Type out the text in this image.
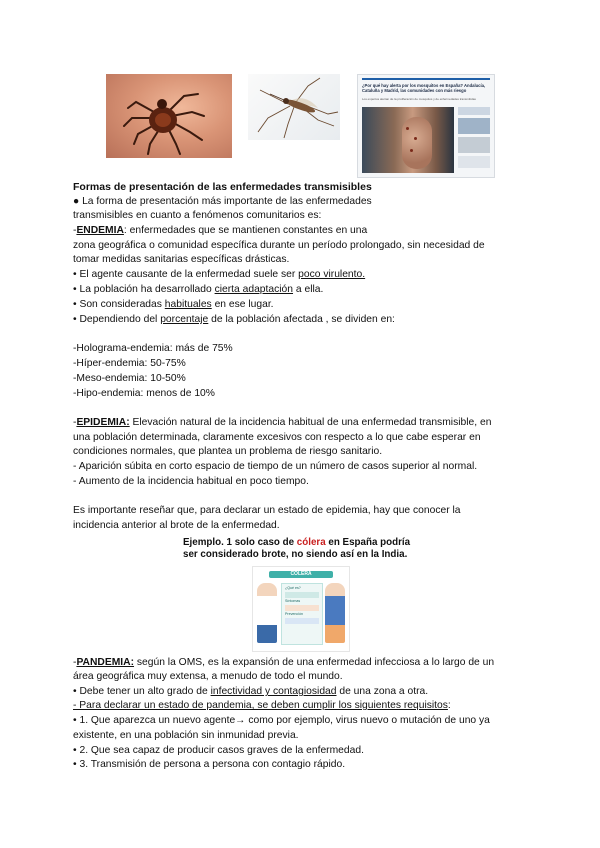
¿Por qué hay alerta por los mosquitos en España? Andalucía, Cataluña y Madrid, las comunidades con más riesgo
Los expertos alertan de la proliferación de mosquitos y de enfermedades transmitidas
Formas de presentación de las enfermedades transmisibles
● La forma de presentación más importante de las enfermedades
transmisibles en cuanto a fenómenos comunitarios es:
-ENDEMIA: enfermedades que se mantienen constantes en una
zona geográfica o comunidad específica durante un período prolongado, sin necesidad de
tomar medidas sanitarias específicas drásticas.
• El agente causante de la enfermedad suele ser poco virulento.
• La población ha desarrollado cierta adaptación a ella.
• Son consideradas habituales en ese lugar.
• Dependiendo del porcentaje de la población afectada , se dividen en:
-Holograma-endemia: más de 75%
-Híper-endemia: 50-75%
-Meso-endemia: 10-50%
-Hipo-endemia: menos de 10%
-EPIDEMIA: Elevación natural de la incidencia habitual de una enfermedad transmisible, en
una población determinada, claramente excesivos con respecto a lo que cabe esperar en
condiciones normales, que plantea un problema de riesgo sanitario.
- Aparición súbita en corto espacio de tiempo de un número de casos superior al normal.
- Aumento de la incidencia habitual en poco tiempo.
Es importante reseñar que, para declarar un estado de epidemia, hay que conocer la
incidencia anterior al brote de la enfermedad.
Ejemplo. 1 solo caso de cólera en España podría
ser considerado brote, no siendo así en la India.
CÓLERA
¿Qué es?
Síntomas
Prevención
-PANDEMIA: según la OMS, es la expansión de una enfermedad infecciosa a lo largo de un
área geográfica muy extensa, a menudo de todo el mundo.
• Debe tener un alto grado de infectividad y contagiosidad de una zona a otra.
- Para declarar un estado de pandemia, se deben cumplir los siguientes requisitos:
• 1. Que aparezca un nuevo agente→ como por ejemplo, virus nuevo o mutación de uno ya
existente, en una población sin inmunidad previa.
• 2. Que sea capaz de producir casos graves de la enfermedad.
• 3. Transmisión de persona a persona con contagio rápido.
